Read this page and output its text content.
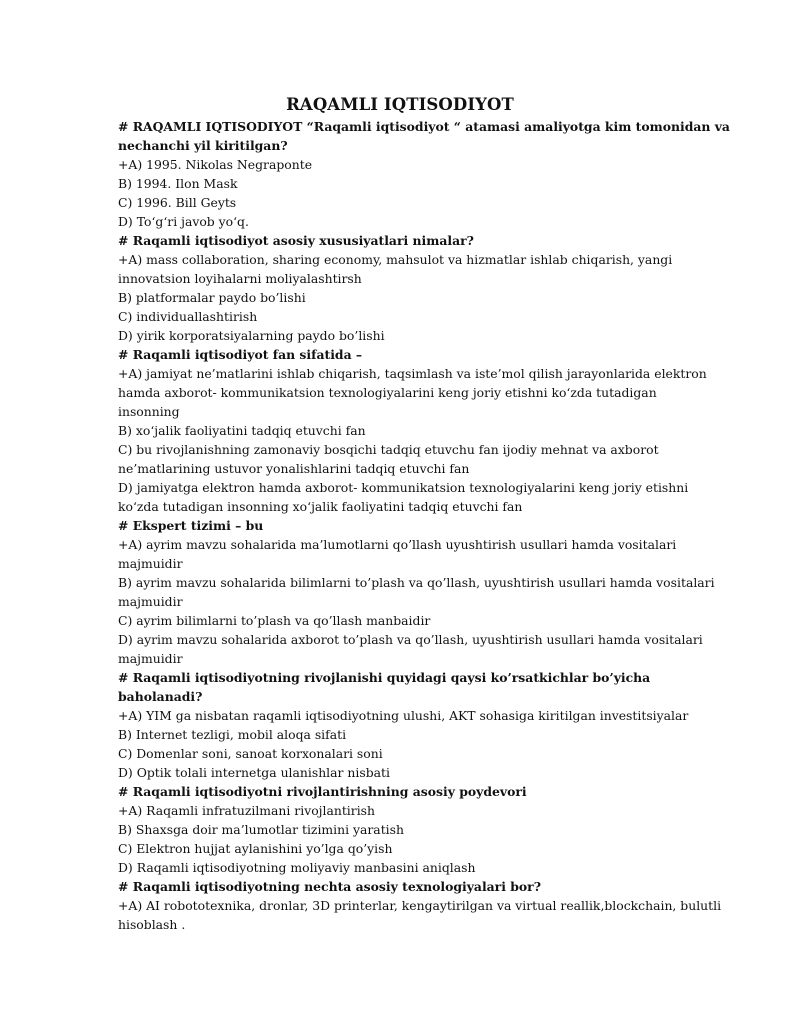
RAQAMLI IQTISODIYOT
# RAQAMLI IQTISODIYOT “Raqamli iqtisodiyot “ atamasi amaliyotga kim tomonidan va
nechanchi yil kiritilgan?
+A) 1995. Nikolas Negraponte
B) 1994. Ilon Mask
C) 1996. Bill Geyts
D) To‘g‘ri javob yo‘q.
# Raqamli iqtisodiyot asosiy xususiyatlari nimalar?
+A) mass collaboration, sharing economy, mahsulot va hizmatlar ishlab chiqarish, yangi
innovatsion loyihalarni moliyalashtirsh
B) platformalar paydo bo’lishi
C) individuallashtirish
D) yirik korporatsiyalarning paydo bo’lishi
# Raqamli iqtisodiyot fan sifatida –
+A) jamiyat ne’matlarini ishlab chiqarish, taqsimlash va iste’mol qilish jarayonlarida elektron
hamda axborot- kommunikatsion texnologiyalarini keng joriy etishni ko‘zda tutadigan
insonning
B) xo‘jalik faoliyatini tadqiq etuvchi fan
C) bu rivojlanishning zamonaviy bosqichi tadqiq etuvchu fan ijodiy mehnat va axborot
ne’matlarining ustuvor yonalishlarini tadqiq etuvchi fan
D) jamiyatga elektron hamda axborot- kommunikatsion texnologiyalarini keng joriy etishni
ko‘zda tutadigan insonning xo‘jalik faoliyatini tadqiq etuvchi fan
# Ekspert tizimi – bu
+A) ayrim mavzu sohalarida ma’lumotlarni qo’llash uyushtirish usullari hamda vositalari
majmuidir
B) ayrim mavzu sohalarida bilimlarni to’plash va qo’llash, uyushtirish usullari hamda vositalari
majmuidir
C) ayrim bilimlarni to’plash va qo’llash manbaidir
D) ayrim mavzu sohalarida axborot to’plash va qo’llash, uyushtirish usullari hamda vositalari
majmuidir
# Raqamli iqtisodiyotning rivojlanishi quyidagi qaysi ko’rsatkichlar bo’yicha
baholanadi?
+A) YIM ga nisbatan raqamli iqtisodiyotning ulushi, AKT sohasiga kiritilgan investitsiyalar
B) Internet tezligi, mobil aloqa sifati
C) Domenlar soni, sanoat korxonalari soni
D) Optik tolali internetga ulanishlar nisbati
# Raqamli iqtisodiyotni rivojlantirishning asosiy poydevori
+A) Raqamli infratuzilmani rivojlantirish
B) Shaxsga doir ma’lumotlar tizimini yaratish
C) Elektron hujjat aylanishini yo’lga qo’yish
D) Raqamli iqtisodiyotning moliyaviy manbasini aniqlash
# Raqamli iqtisodiyotning nechta asosiy texnologiyalari bor?
+A) AI robototexnika, dronlar, 3D printerlar, kengaytirilgan va virtual reallik,blockchain, bulutli
hisoblash .
